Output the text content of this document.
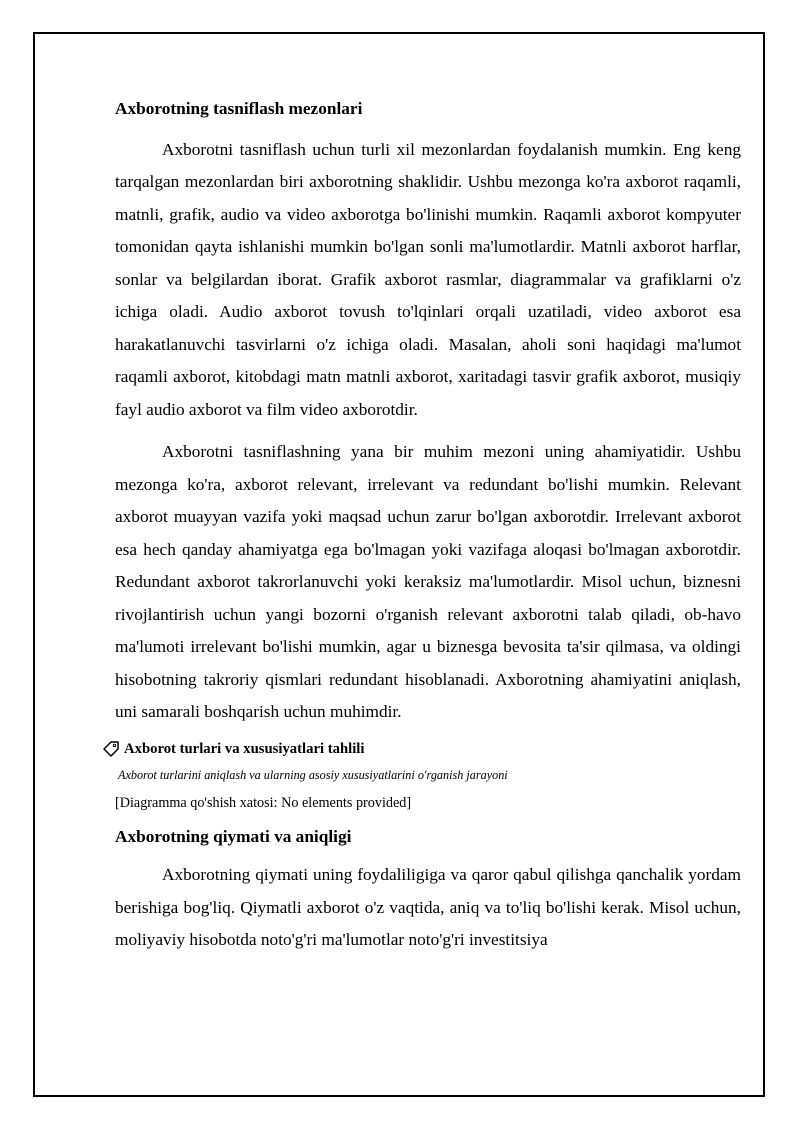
Axborotning tasniflash mezonlari

Axborotni tasniflash uchun turli xil mezonlardan foydalanish mumkin. Eng keng tarqalgan mezonlardan biri axborotning shaklidir. Ushbu mezonga ko'ra axborot raqamli, matnli, grafik, audio va video axborotga bo'linishi mumkin. Raqamli axborot kompyuter tomonidan qayta ishlanishi mumkin bo'lgan sonli ma'lumotlardir. Matnli axborot harflar, sonlar va belgilardan iborat. Grafik axborot rasmlar, diagrammalar va grafiklarni o'z ichiga oladi. Audio axborot tovush to'lqinlari orqali uzatiladi, video axborot esa harakatlanuvchi tasvirlarni o'z ichiga oladi. Masalan, aholi soni haqidagi ma'lumot raqamli axborot, kitobdagi matn matnli axborot, xaritadagi tasvir grafik axborot, musiqiy fayl audio axborot va film video axborotdir.

Axborotni tasniflashning yana bir muhim mezoni uning ahamiyatidir. Ushbu mezonga ko'ra, axborot relevant, irrelevant va redundant bo'lishi mumkin. Relevant axborot muayyan vazifa yoki maqsad uchun zarur bo'lgan axborotdir. Irrelevant axborot esa hech qanday ahamiyatga ega bo'lmagan yoki vazifaga aloqasi bo'lmagan axborotdir. Redundant axborot takrorlanuvchi yoki keraksiz ma'lumotlardir. Misol uchun, biznesni rivojlantirish uchun yangi bozorni o'rganish relevant axborotni talab qiladi, ob-havo ma'lumoti irrelevant bo'lishi mumkin, agar u biznesga bevosita ta'sir qilmasa, va oldingi hisobotning takroriy qismlari redundant hisoblanadi. Axborotning ahamiyatini aniqlash, uni samarali boshqarish uchun muhimdir.

Axborot turlari va xususiyatlari tahlili
Axborot turlarini aniqlash va ularning asosiy xususiyatlarini o'rganish jarayoni
[Diagramma qo'shish xatosi: No elements provided]
Axborotning qiymati va aniqligi

Axborotning qiymati uning foydaliligiga va qaror qabul qilishga qanchalik yordam berishiga bog'liq. Qiymatli axborot o'z vaqtida, aniq va to'liq bo'lishi kerak. Misol uchun, moliyaviy hisobotda noto'g'ri ma'lumotlar noto'g'ri investitsiya
